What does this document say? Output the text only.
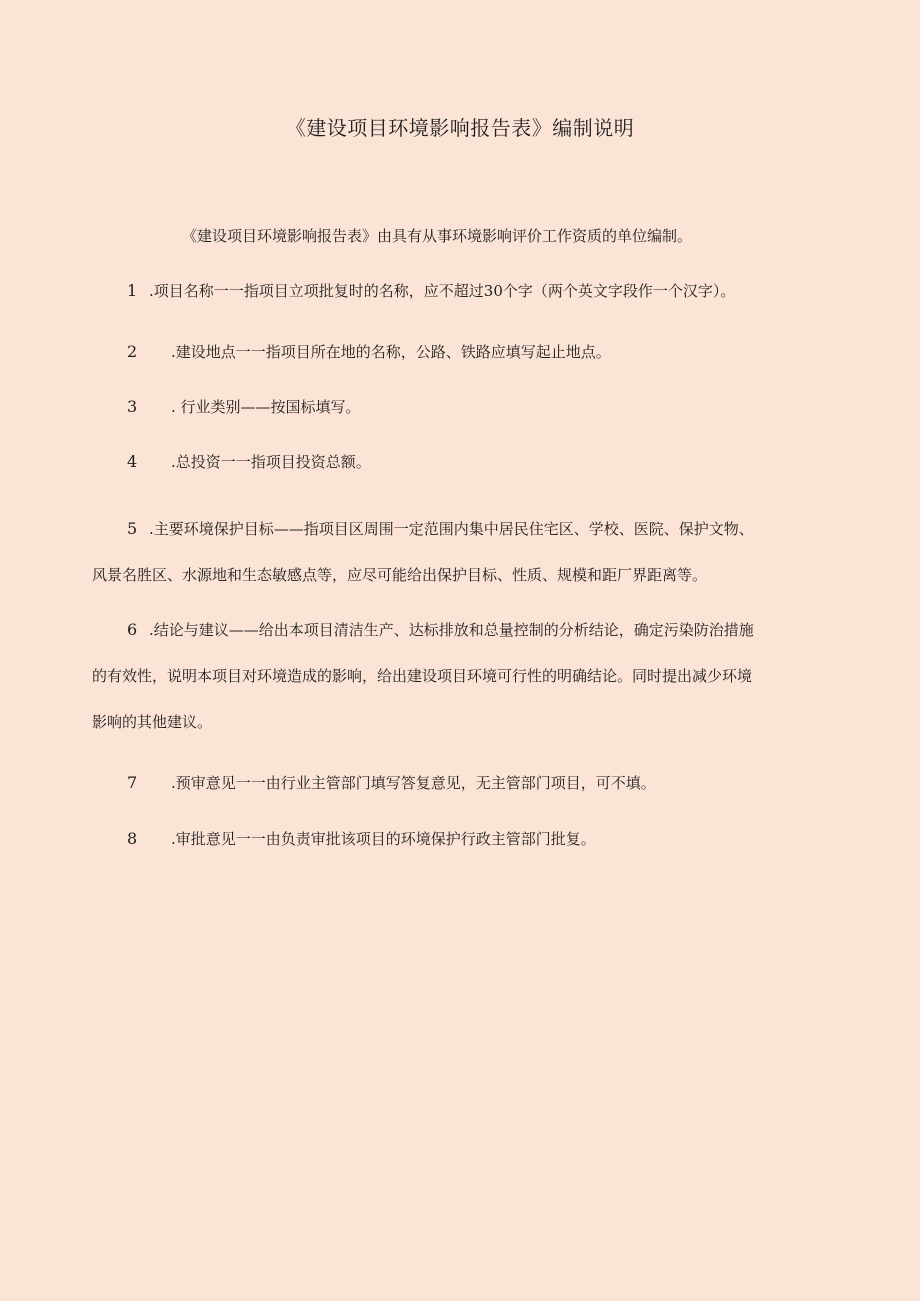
《建设项目环境影响报告表》编制说明
《建设项目环境影响报告表》由具有从事环境影响评价工作资质的单位编制。
1 .项目名称一一指项目立项批复时的名称，应不超过30个字（两个英文字段作一个汉字）。
2 .建设地点一一指项目所在地的名称，公路、铁路应填写起止地点。
3 . 行业类别——按国标填写。
4 .总投资一一指项目投资总额。
5 .主要环境保护目标——指项目区周围一定范围内集中居民住宅区、学校、医院、保护文物、
风景名胜区、水源地和生态敏感点等，应尽可能给出保护目标、性质、规模和距厂界距离等。
6 .结论与建议——给出本项目清洁生产、达标排放和总量控制的分析结论，确定污染防治措施
的有效性，说明本项目对环境造成的影响，给出建设项目环境可行性的明确结论。同时提出减少环境
影响的其他建议。
7 .预审意见一一由行业主管部门填写答复意见，无主管部门项目，可不填。
8 .审批意见一一由负责审批该项目的环境保护行政主管部门批复。
